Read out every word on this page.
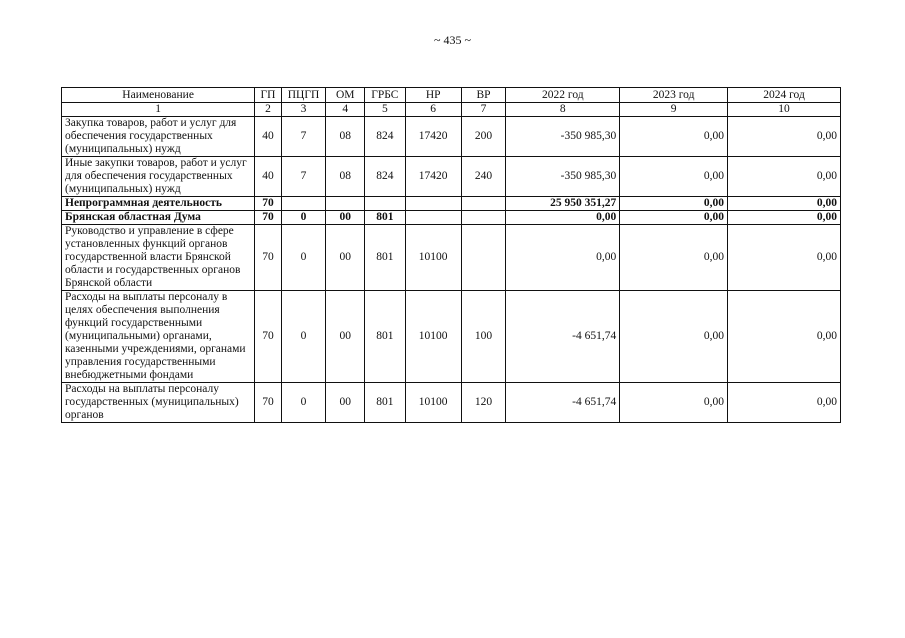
~ 435 ~
Наименование	ГП	ПЦГП	ОМ	ГРБС	НР	ВР	2022 год	2023 год	2024 год
1	2	3	4	5	6	7	8	9	10
Закупка товаров, работ и услуг для обеспечения государственных (муниципальных) нужд	40	7	08	824	17420	200	-350 985,30	0,00	0,00
Иные закупки товаров, работ и услуг для обеспечения государственных (муниципальных) нужд	40	7	08	824	17420	240	-350 985,30	0,00	0,00
Непрограммная деятельность	70						25 950 351,27	0,00	0,00
Брянская областная Дума	70	0	00	801			0,00	0,00	0,00
Руководство и управление в сфере установленных функций органов государственной власти Брянской области и государственных органов Брянской области	70	0	00	801	10100		0,00	0,00	0,00
Расходы на выплаты персоналу в целях обеспечения выполнения функций государственными (муниципальными) органами, казенными учреждениями, органами управления государственными внебюджетными фондами	70	0	00	801	10100	100	-4 651,74	0,00	0,00
Расходы на выплаты персоналу государственных (муниципальных) органов	70	0	00	801	10100	120	-4 651,74	0,00	0,00
